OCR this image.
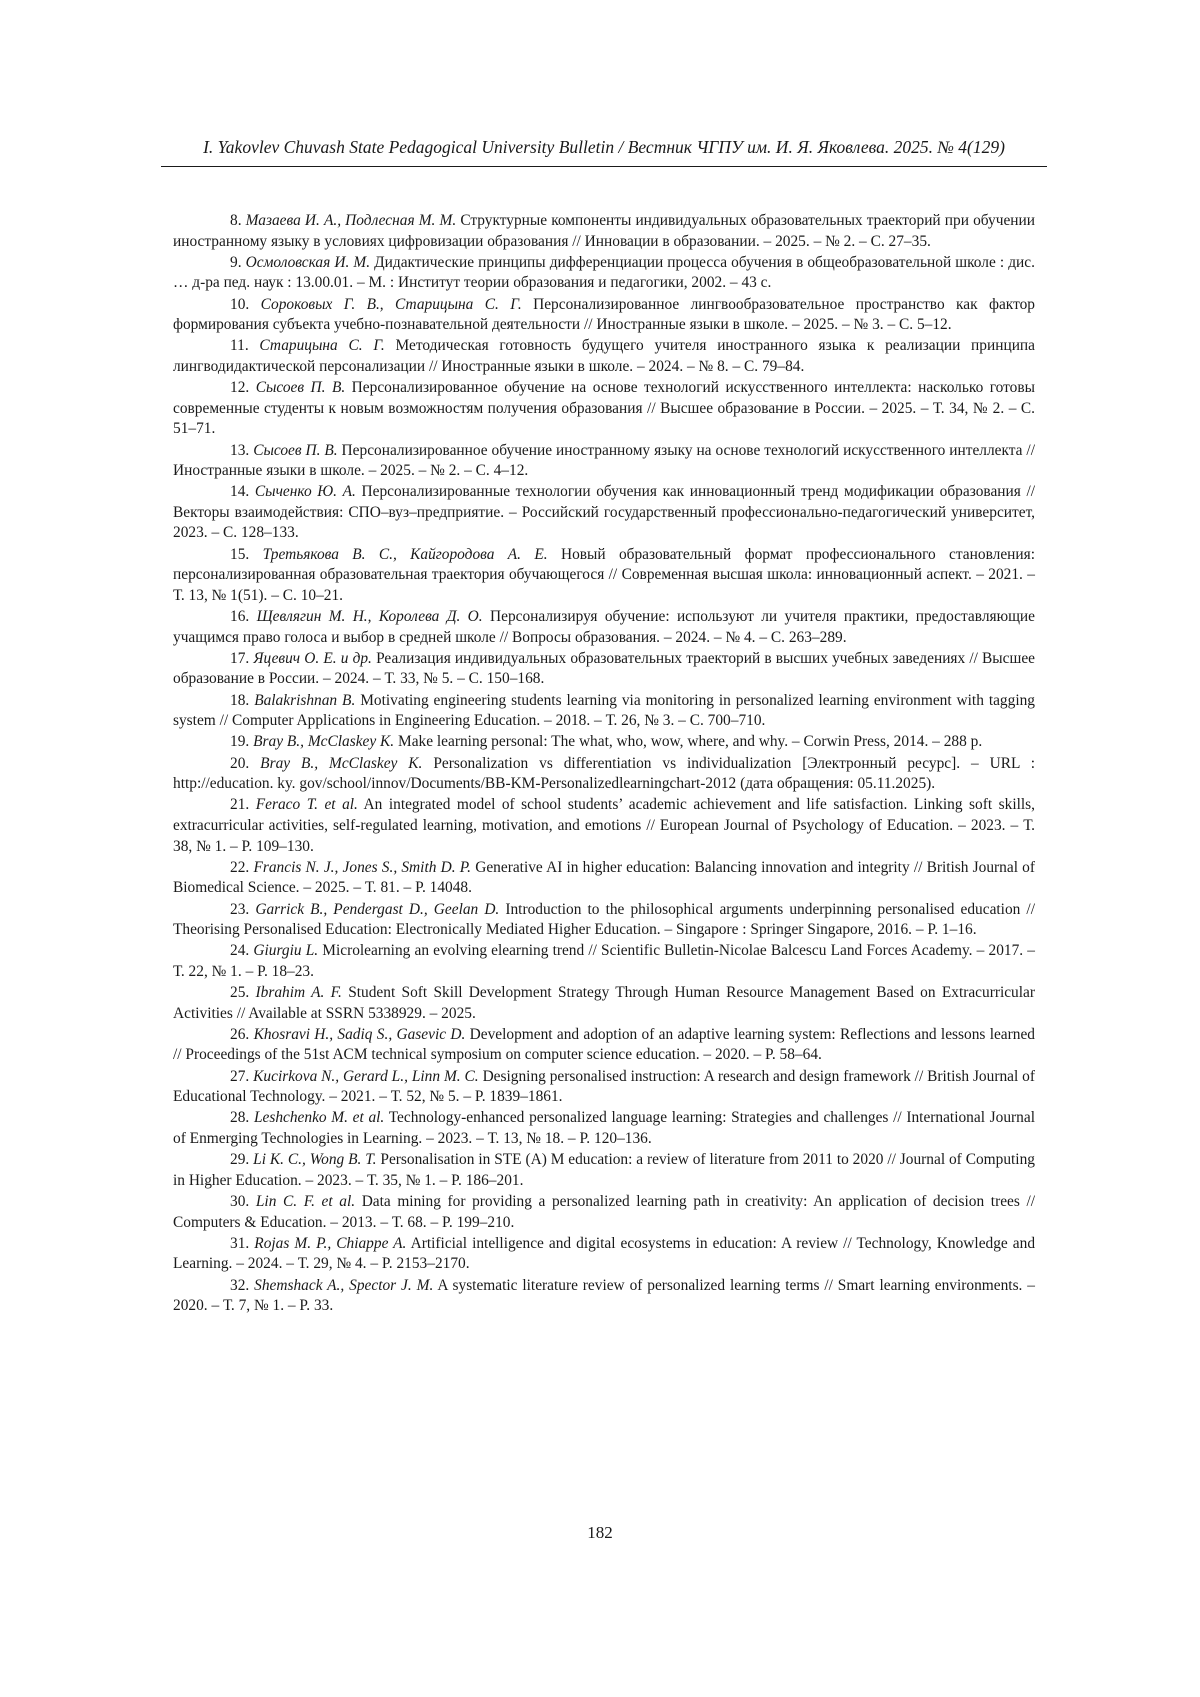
I. Yakovlev Chuvash State Pedagogical University Bulletin / Вестник ЧГПУ им. И. Я. Яковлева. 2025. № 4(129)
8. Мазаева И. А., Подлесная М. М. Структурные компоненты индивидуальных образовательных траекторий при обучении иностранному языку в условиях цифровизации образования // Инновации в образовании. – 2025. – № 2. – С. 27–35.
9. Осмоловская И. М. Дидактические принципы дифференциации процесса обучения в общеобразовательной школе : дис. … д-ра пед. наук : 13.00.01. – М. : Институт теории образования и педагогики, 2002. – 43 с.
10. Сороковых Г. В., Старицына С. Г. Персонализированное лингвообразовательное пространство как фактор формирования субъекта учебно-познавательной деятельности // Иностранные языки в школе. – 2025. – № 3. – С. 5–12.
11. Старицына С. Г. Методическая готовность будущего учителя иностранного языка к реализации принципа лингводидактической персонализации // Иностранные языки в школе. – 2024. – № 8. – С. 79–84.
12. Сысоев П. В. Персонализированное обучение на основе технологий искусственного интеллекта: насколько готовы современные студенты к новым возможностям получения образования // Высшее образование в России. – 2025. – Т. 34, № 2. – С. 51–71.
13. Сысоев П. В. Персонализированное обучение иностранному языку на основе технологий искусственного интеллекта // Иностранные языки в школе. – 2025. – № 2. – С. 4–12.
14. Сыченко Ю. А. Персонализированные технологии обучения как инновационный тренд модификации образования // Векторы взаимодействия: СПО–вуз–предприятие. – Российский государственный профессионально-педагогический университет, 2023. – С. 128–133.
15. Третьякова В. С., Кайгородова А. Е. Новый образовательный формат профессионального становления: персонализированная образовательная траектория обучающегося // Современная высшая школа: инновационный аспект. – 2021. – Т. 13, № 1(51). – С. 10–21.
16. Щевлягин М. Н., Королева Д. О. Персонализируя обучение: используют ли учителя практики, предоставляющие учащимся право голоса и выбор в средней школе // Вопросы образования. – 2024. – № 4. – С. 263–289.
17. Яцевич О. Е. и др. Реализация индивидуальных образовательных траекторий в высших учебных заведениях // Высшее образование в России. – 2024. – Т. 33, № 5. – С. 150–168.
18. Balakrishnan B. Motivating engineering students learning via monitoring in personalized learning environment with tagging system // Computer Applications in Engineering Education. – 2018. – Т. 26, № 3. – С. 700–710.
19. Bray B., McClaskey K. Make learning personal: The what, who, wow, where, and why. – Corwin Press, 2014. – 288 p.
20. Bray B., McClaskey K. Personalization vs differentiation vs individualization [Электронный ресурс]. – URL : http://education. ky. gov/school/innov/Documents/BB-KM-Personalizedlearningchart-2012 (дата обращения: 05.11.2025).
21. Feraco T. et al. An integrated model of school students’ academic achievement and life satisfaction. Linking soft skills, extracurricular activities, self-regulated learning, motivation, and emotions // European Journal of Psychology of Education. – 2023. – Т. 38, № 1. – P. 109–130.
22. Francis N. J., Jones S., Smith D. P. Generative AI in higher education: Balancing innovation and integrity // British Journal of Biomedical Science. – 2025. – Т. 81. – P. 14048.
23. Garrick B., Pendergast D., Geelan D. Introduction to the philosophical arguments underpinning personalised education // Theorising Personalised Education: Electronically Mediated Higher Education. – Singapore : Springer Singapore, 2016. – P. 1–16.
24. Giurgiu L. Microlearning an evolving elearning trend // Scientific Bulletin-Nicolae Balcescu Land Forces Academy. – 2017. – Т. 22, № 1. – P. 18–23.
25. Ibrahim A. F. Student Soft Skill Development Strategy Through Human Resource Management Based on Extracurricular Activities // Available at SSRN 5338929. – 2025.
26. Khosravi H., Sadiq S., Gasevic D. Development and adoption of an adaptive learning system: Reflections and lessons learned // Proceedings of the 51st ACM technical symposium on computer science education. – 2020. – P. 58–64.
27. Kucirkova N., Gerard L., Linn M. C. Designing personalised instruction: A research and design framework // British Journal of Educational Technology. – 2021. – Т. 52, № 5. – P. 1839–1861.
28. Leshchenko M. et al. Technology-enhanced personalized language learning: Strategies and challenges // International Journal of Enmerging Technologies in Learning. – 2023. – Т. 13, № 18. – P. 120–136.
29. Li K. C., Wong B. T. Personalisation in STE (A) M education: a review of literature from 2011 to 2020 // Journal of Computing in Higher Education. – 2023. – Т. 35, № 1. – P. 186–201.
30. Lin C. F. et al. Data mining for providing a personalized learning path in creativity: An application of decision trees // Computers & Education. – 2013. – Т. 68. – P. 199–210.
31. Rojas M. P., Chiappe A. Artificial intelligence and digital ecosystems in education: A review // Technology, Knowledge and Learning. – 2024. – Т. 29, № 4. – P. 2153–2170.
32. Shemshack A., Spector J. M. A systematic literature review of personalized learning terms // Smart learning environments. – 2020. – Т. 7, № 1. – P. 33.
182
